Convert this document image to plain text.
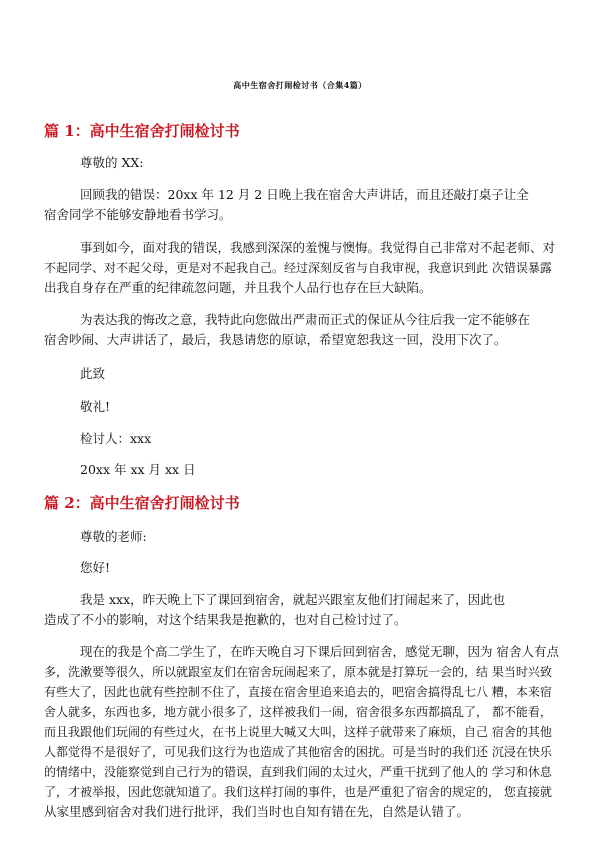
高中生宿舍打闹检讨书（合集4篇）
篇 1：高中生宿舍打闹检讨书
尊敬的 XX:
回顾我的错误：20xx 年 12 月 2 日晚上我在宿舍大声讲话，而且还敲打桌子让全
宿舍同学不能够安静地看书学习。
事到如今，面对我的错误，我感到深深的羞愧与懊悔。我觉得自己非常对不起老师、对
不起同学、对不起父母，更是对不起我自己。经过深刻反省与自我审视，我意识到此 次错误暴露
出我自身存在严重的纪律疏忽问题，并且我个人品行也存在巨大缺陷。
为表达我的悔改之意，我特此向您做出严肃而正式的保证从今往后我一定不能够在
宿舍吵闹、大声讲话了，最后，我恳请您的原谅，希望宽恕我这一回，没用下次了。
此致
敬礼!
检讨人：xxx
20xx 年 xx 月 xx 日
篇 2：高中生宿舍打闹检讨书
尊敬的老师:
您好!
我是 xxx，昨天晚上下了课回到宿舍，就起兴跟室友他们打闹起来了，因此也
造成了不小的影响，对这个结果我是抱歉的，也对自己检讨过了。
现在的我是个高二学生了，在昨天晚自习下课后回到宿舍，感觉无聊，因为 宿舍人有点
多，洗漱要等很久，所以就跟室友们在宿舍玩闹起来了，原本就是打算玩一会的，结 果当时兴致
有些大了，因此也就有些控制不住了，直接在宿舍里追来追去的，吧宿舍搞得乱七八 糟，本来宿
舍人就多，东西也多，地方就小很多了，这样被我们一闹，宿舍很多东西都搞乱了， 都不能看，
而且我跟他们玩闹的有些过火，在书上说里大喊又大叫，这样子就带来了麻烦，自己 宿舍的其他
人都觉得不是很好了，可见我们这行为也造成了其他宿舍的困扰。可是当时的我们还 沉浸在快乐
的情绪中，没能察觉到自己行为的错误，直到我们闹的太过火，严重干扰到了他人的 学习和休息
了，才被举报，因此您就知道了。我们这样打闹的事件，也是严重犯了宿舍的规定的， 您直接就
从家里感到宿舍对我们进行批评，我们当时也自知有错在先，自然是认错了。
